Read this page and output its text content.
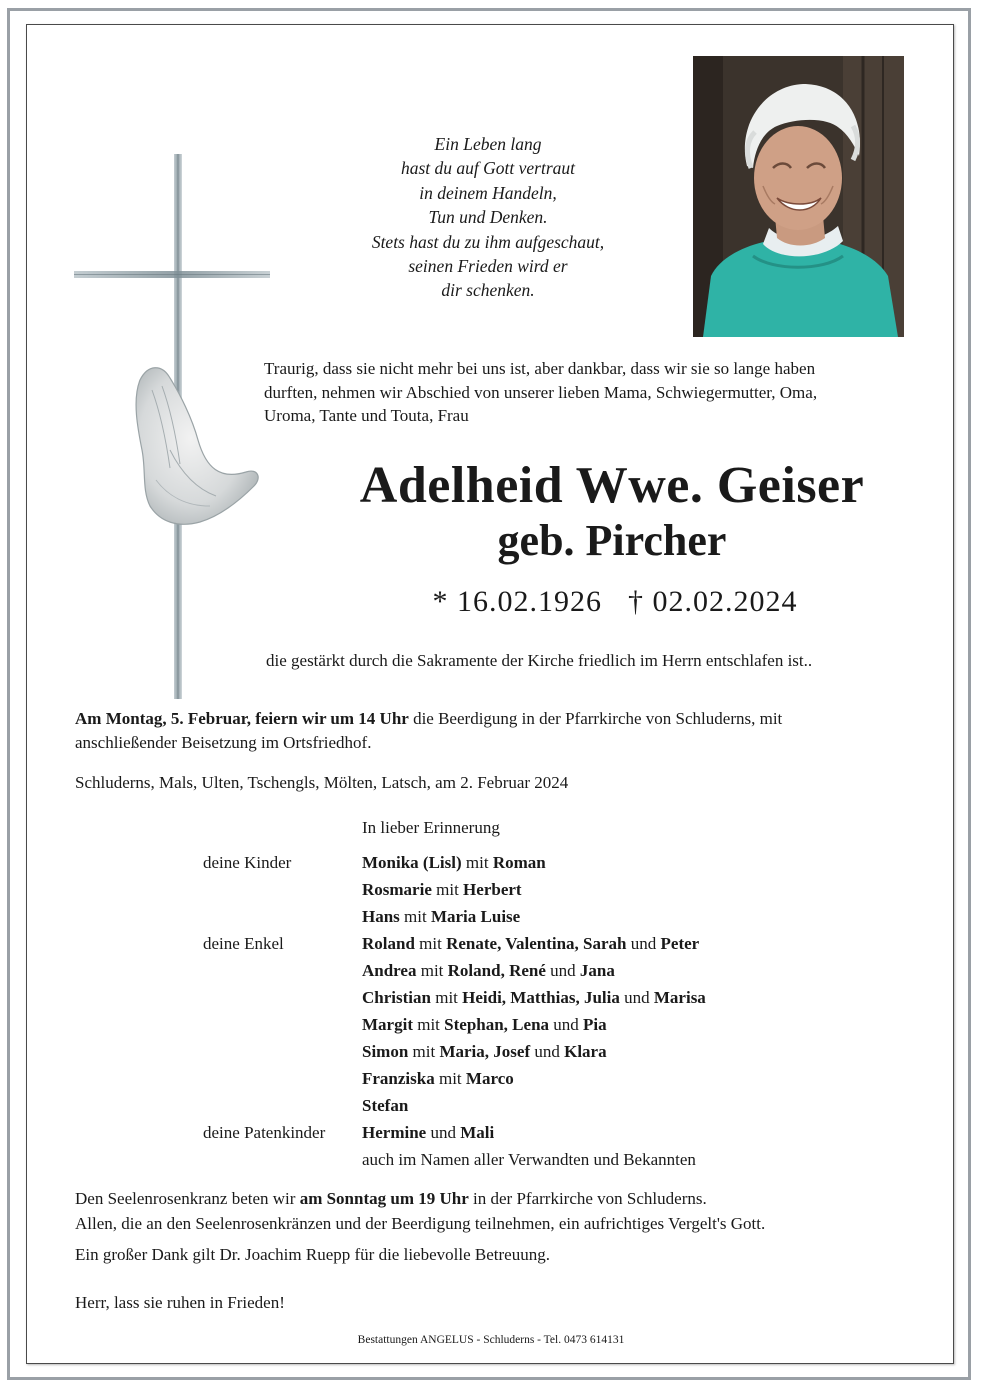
Ein Leben lang
hast du auf Gott vertraut
in deinem Handeln,
Tun und Denken.
Stets hast du zu ihm aufgeschaut,
seinen Frieden wird er
dir schenken.
Traurig, dass sie nicht mehr bei uns ist, aber dankbar, dass wir sie so lange haben
durften, nehmen wir Abschied von unserer lieben Mama, Schwiegermutter, Oma,
Uroma, Tante und Touta, Frau
Adelheid Wwe. Geiser
geb. Pircher
* 16.02.1926 † 02.02.2024
die gestärkt durch die Sakramente der Kirche friedlich im Herrn entschlafen ist..
Am Montag, 5. Februar, feiern wir um 14 Uhr die Beerdigung in der Pfarrkirche von Schluderns, mit
anschließender Beisetzung im Ortsfriedhof.
Schluderns, Mals, Ulten, Tschengls, Mölten, Latsch, am 2. Februar 2024
In lieber Erinnerung
deine Kinder	Monika (Lisl) mit Roman
Rosmarie mit Herbert
Hans mit Maria Luise
deine Enkel	Roland mit Renate, Valentina, Sarah und Peter
Andrea mit Roland, René und Jana
Christian mit Heidi, Matthias, Julia und Marisa
Margit mit Stephan, Lena und Pia
Simon mit Maria, Josef und Klara
Franziska mit Marco
Stefan
deine Patenkinder Hermine und Mali
auch im Namen aller Verwandten und Bekannten
Den Seelenrosenkranz beten wir am Sonntag um 19 Uhr in der Pfarrkirche von Schluderns.
Allen, die an den Seelenrosenkränzen und der Beerdigung teilnehmen, ein aufrichtiges Vergelt's Gott.
Ein großer Dank gilt Dr. Joachim Ruepp für die liebevolle Betreuung.
Herr, lass sie ruhen in Frieden!
Bestattungen ANGELUS - Schluderns - Tel. 0473 614131
